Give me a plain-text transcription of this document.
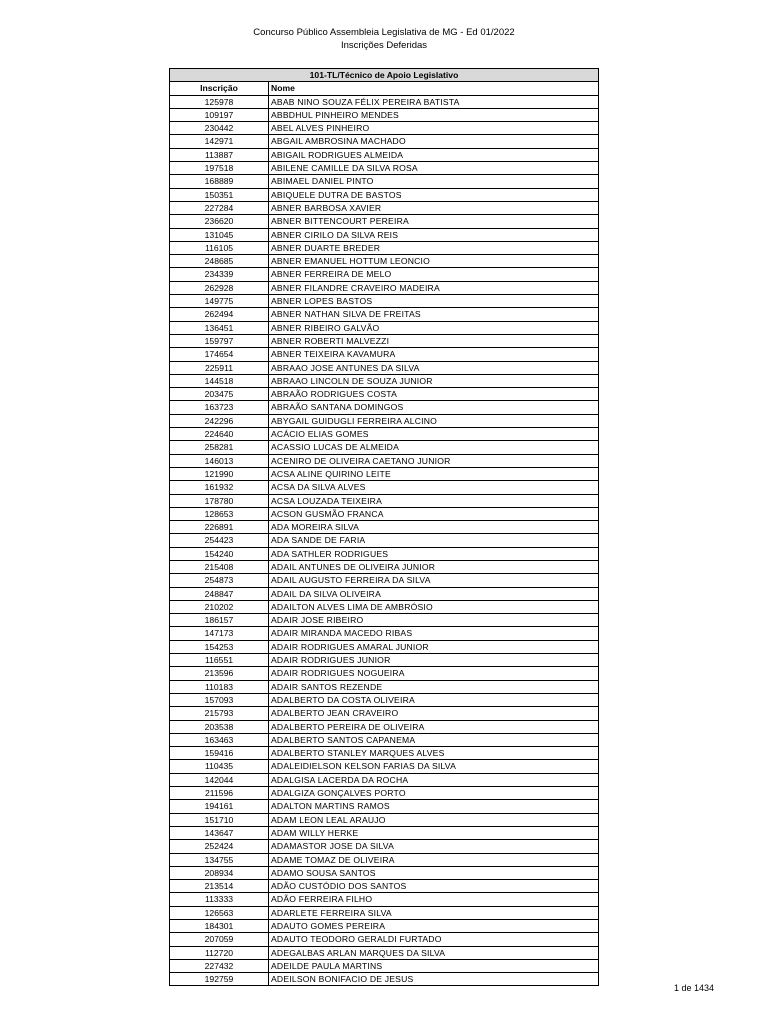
Concurso Público Assembleia Legislativa de MG - Ed 01/2022
Inscrições Deferidas
101-TL/Técnico de Apoio Legislativo	
Inscrição	Nome
125978	ABAB NINO SOUZA FÉLIX PEREIRA BATISTA
109197	ABBDHUL PINHEIRO MENDES
230442	ABEL ALVES PINHEIRO
142971	ABGAIL AMBROSINA MACHADO
113887	ABIGAIL RODRIGUES ALMEIDA
197518	ABILENE CAMILLE DA SILVA ROSA
168889	ABIMAEL DANIEL PINTO
150351	ABIQUELE DUTRA DE BASTOS
227284	ABNER BARBOSA XAVIER
236620	ABNER BITTENCOURT PEREIRA
131045	ABNER CIRILO DA SILVA REIS
116105	ABNER DUARTE BREDER
248685	ABNER EMANUEL HOTTUM LEONCIO
234339	ABNER FERREIRA DE MELO
262928	ABNER FILANDRE CRAVEIRO MADEIRA
149775	ABNER LOPES BASTOS
262494	ABNER NATHAN SILVA DE FREITAS
136451	ABNER RIBEIRO GALVÃO
159797	ABNER ROBERTI MALVEZZI
174654	ABNER TEIXEIRA KAVAMURA
225911	ABRAAO JOSE ANTUNES DA SILVA
144518	ABRAAO LINCOLN DE SOUZA JUNIOR
203475	ABRAÃO RODRIGUES COSTA
163723	ABRAÃO SANTANA DOMINGOS
242296	ABYGAIL GUIDUGLI FERREIRA ALCINO
224640	ACÁCIO ELIAS GOMES
258281	ACASSIO LUCAS DE ALMEIDA
146013	ACENIRO DE OLIVEIRA CAETANO JUNIOR
121990	ACSA ALINE QUIRINO LEITE
161932	ACSA DA SILVA ALVES
178780	ACSA LOUZADA TEIXEIRA
128653	ACSON GUSMÃO FRANCA
226891	ADA MOREIRA SILVA
254423	ADA SANDE DE FARIA
154240	ADA SATHLER RODRIGUES
215408	ADAIL ANTUNES DE OLIVEIRA JUNIOR
254873	ADAIL AUGUSTO FERREIRA DA SILVA
248847	ADAIL DA SILVA OLIVEIRA
210202	ADAILTON ALVES LIMA DE AMBRÓSIO
186157	ADAIR JOSE RIBEIRO
147173	ADAIR MIRANDA MACEDO RIBAS
154253	ADAIR RODRIGUES AMARAL JUNIOR
116551	ADAIR RODRIGUES JUNIOR
213596	ADAIR RODRIGUES NOGUEIRA
110183	ADAIR SANTOS REZENDE
157093	ADALBERTO DA COSTA OLIVEIRA
215793	ADALBERTO JEAN CRAVEIRO
203538	ADALBERTO PEREIRA DE OLIVEIRA
163463	ADALBERTO SANTOS CAPANEMA
159416	ADALBERTO STANLEY MARQUES ALVES
110435	ADALEIDIELSON KELSON FARIAS DA SILVA
142044	ADALGISA LACERDA DA ROCHA
211596	ADALGIZA GONÇALVES PORTO
194161	ADALTON MARTINS RAMOS
151710	ADAM LEON LEAL ARAUJO
143647	ADAM WILLY HERKE
252424	ADAMASTOR JOSE DA SILVA
134755	ADAME TOMAZ DE OLIVEIRA
208934	ADAMO SOUSA SANTOS
213514	ADÃO CUSTÓDIO DOS SANTOS
113333	ADÃO FERREIRA FILHO
126563	ADARLETE FERREIRA SILVA
184301	ADAUTO GOMES PEREIRA
207059	ADAUTO TEODORO GERALDI FURTADO
112720	ADEGALBAS ARLAN MARQUES DA SILVA
227432	ADEILDE PAULA MARTINS
192759	ADEILSON BONIFACIO DE JESUS
1 de 1434
